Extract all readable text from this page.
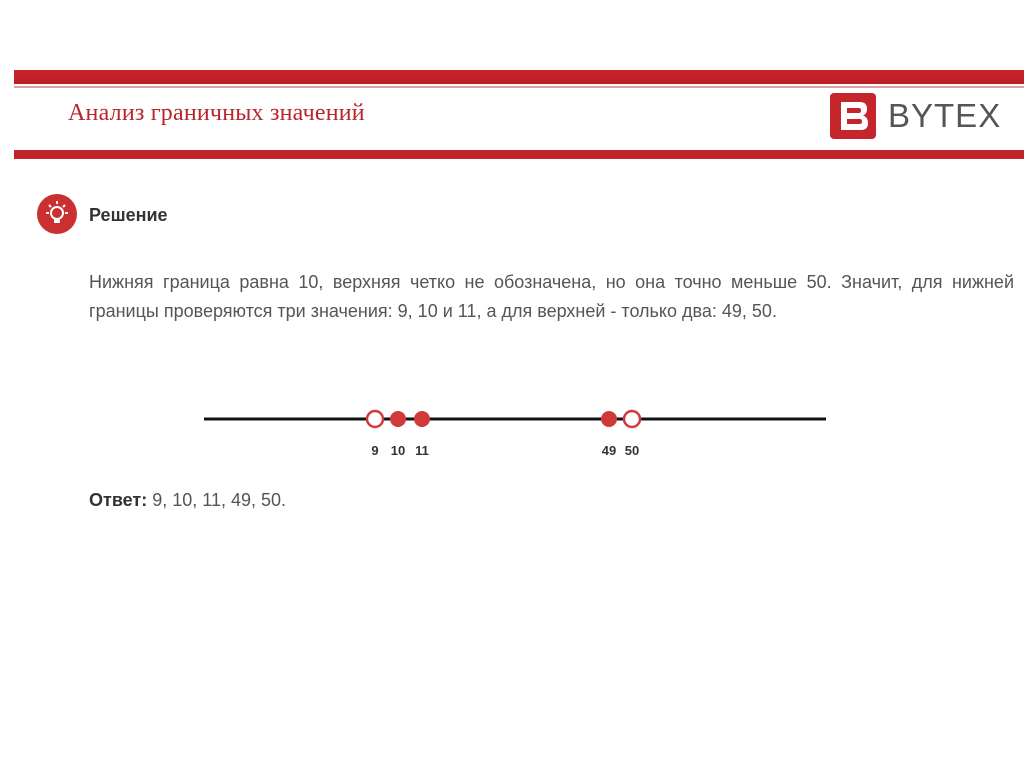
Анализ граничных значений	BYTEX
Решение
Нижняя граница равна 10, верхняя четко не обозначена, но она точно меньше 50. Значит, для нижней границы проверяются три значения: 9, 10 и 11, а для верхней - только два: 49, 50.
9 10 11	49 50
Ответ: 9, 10, 11, 49, 50.
